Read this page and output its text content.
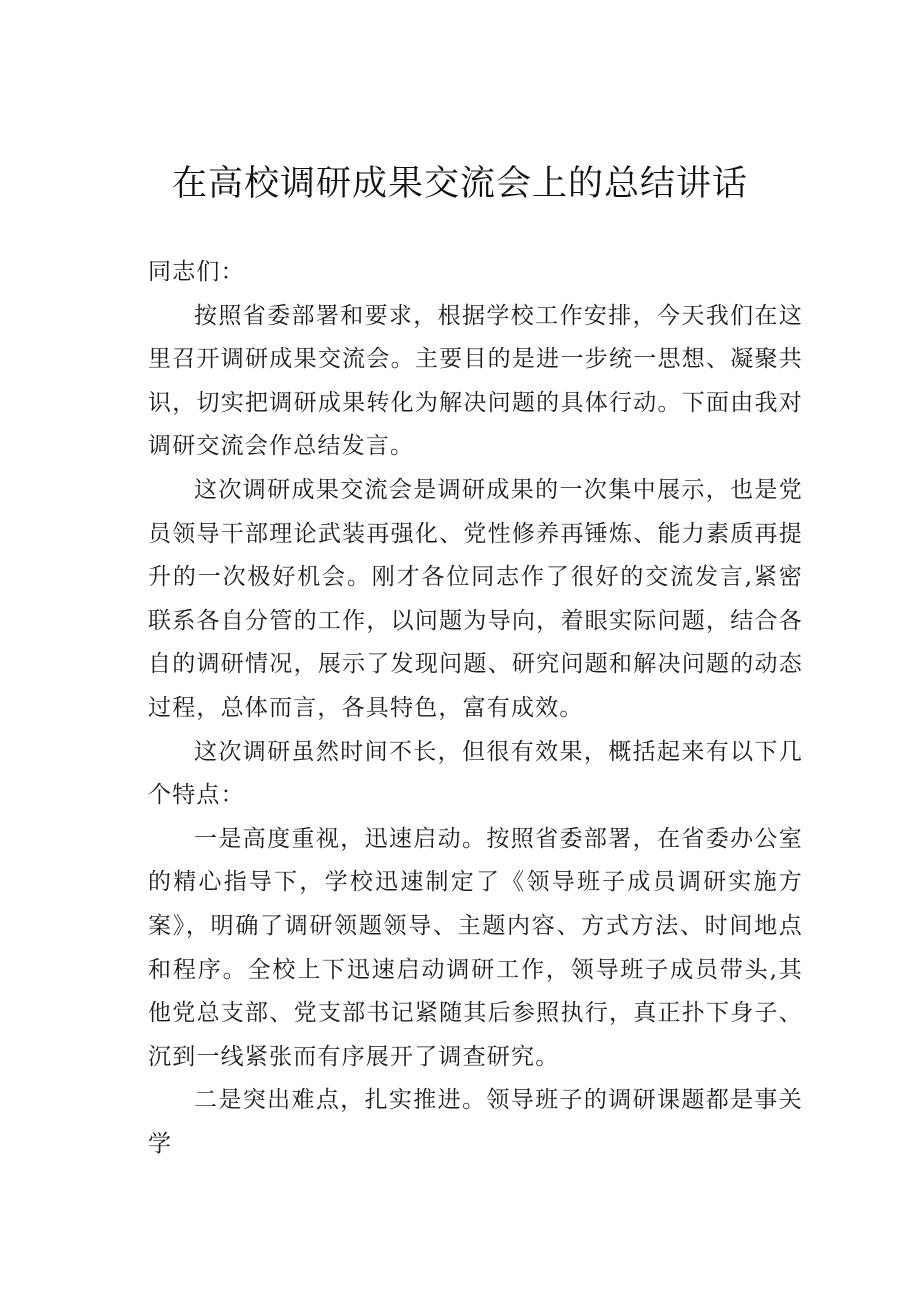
在高校调研成果交流会上的总结讲话

同志们：

按照省委部署和要求，根据学校工作安排，今天我们在这里召开调研成果交流会。主要目的是进一步统一思想、凝聚共识，切实把调研成果转化为解决问题的具体行动。下面由我对调研交流会作总结发言。

这次调研成果交流会是调研成果的一次集中展示，也是党员领导干部理论武装再强化、党性修养再锤炼、能力素质再提升的一次极好机会。刚才各位同志作了很好的交流发言,紧密联系各自分管的工作，以问题为导向，着眼实际问题，结合各自的调研情况，展示了发现问题、研究问题和解决问题的动态过程，总体而言，各具特色，富有成效。

这次调研虽然时间不长，但很有效果，概括起来有以下几个特点：

一是高度重视，迅速启动。按照省委部署，在省委办公室的精心指导下，学校迅速制定了《领导班子成员调研实施方案》，明确了调研领题领导、主题内容、方式方法、时间地点和程序。全校上下迅速启动调研工作，领导班子成员带头,其他党总支部、党支部书记紧随其后参照执行，真正扑下身子、沉到一线紧张而有序展开了调查研究。

二是突出难点，扎实推进。领导班子的调研课题都是事关学
